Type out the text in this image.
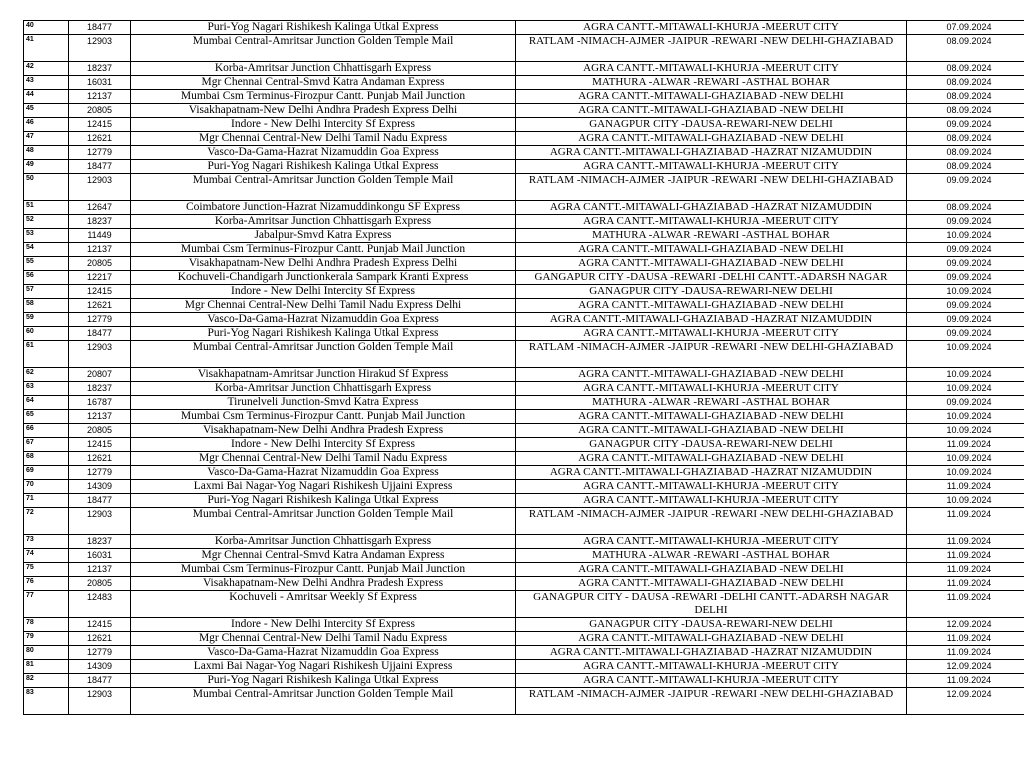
40	18477	Puri-Yog Nagari Rishikesh Kalinga Utkal Express	AGRA CANTT.-MITAWALI-KHURJA -MEERUT CITY	07.09.2024
41	12903	Mumbai Central-Amritsar Junction Golden Temple Mail	RATLAM -NIMACH-AJMER -JAIPUR -REWARI -NEW DELHI-GHAZIABAD	08.09.2024
42	18237	Korba-Amritsar Junction Chhattisgarh Express	AGRA CANTT.-MITAWALI-KHURJA -MEERUT CITY	08.09.2024
43	16031	Mgr Chennai Central-Smvd Katra Andaman Express	MATHURA -ALWAR -REWARI -ASTHAL BOHAR	08.09.2024
44	12137	Mumbai Csm Terminus-Firozpur Cantt. Punjab Mail Junction	AGRA CANTT.-MITAWALI-GHAZIABAD -NEW DELHI	08.09.2024
45	20805	Visakhapatnam-New Delhi Andhra Pradesh Express Delhi	AGRA CANTT.-MITAWALI-GHAZIABAD -NEW DELHI	08.09.2024
46	12415	Indore - New Delhi Intercity Sf Express	GANAGPUR CITY -DAUSA-REWARI-NEW DELHI	09.09.2024
47	12621	Mgr Chennai Central-New Delhi Tamil Nadu Express	AGRA CANTT.-MITAWALI-GHAZIABAD -NEW DELHI	08.09.2024
48	12779	Vasco-Da-Gama-Hazrat Nizamuddin Goa Express	AGRA CANTT.-MITAWALI-GHAZIABAD -HAZRAT NIZAMUDDIN	08.09.2024
49	18477	Puri-Yog Nagari Rishikesh Kalinga Utkal Express	AGRA CANTT.-MITAWALI-KHURJA -MEERUT CITY	08.09.2024
50	12903	Mumbai Central-Amritsar Junction Golden Temple Mail	RATLAM -NIMACH-AJMER -JAIPUR -REWARI -NEW DELHI-GHAZIABAD	09.09.2024
51	12647	Coimbatore Junction-Hazrat Nizamuddinkongu SF Express	AGRA CANTT.-MITAWALI-GHAZIABAD -HAZRAT NIZAMUDDIN	08.09.2024
52	18237	Korba-Amritsar Junction Chhattisgarh Express	AGRA CANTT.-MITAWALI-KHURJA -MEERUT CITY	09.09.2024
53	11449	Jabalpur-Smvd Katra Express	MATHURA -ALWAR -REWARI -ASTHAL BOHAR	10.09.2024
54	12137	Mumbai Csm Terminus-Firozpur Cantt. Punjab Mail Junction	AGRA CANTT.-MITAWALI-GHAZIABAD -NEW DELHI	09.09.2024
55	20805	Visakhapatnam-New Delhi Andhra Pradesh Express Delhi	AGRA CANTT.-MITAWALI-GHAZIABAD -NEW DELHI	09.09.2024
56	12217	Kochuveli-Chandigarh Junctionkerala Sampark Kranti Express	GANGAPUR CITY -DAUSA -REWARI -DELHI CANTT.-ADARSH NAGAR	09.09.2024
57	12415	Indore - New Delhi Intercity Sf Express	GANAGPUR CITY -DAUSA-REWARI-NEW DELHI	10.09.2024
58	12621	Mgr Chennai Central-New Delhi Tamil Nadu Express Delhi	AGRA CANTT.-MITAWALI-GHAZIABAD -NEW DELHI	09.09.2024
59	12779	Vasco-Da-Gama-Hazrat Nizamuddin Goa Express	AGRA CANTT.-MITAWALI-GHAZIABAD -HAZRAT NIZAMUDDIN	09.09.2024
60	18477	Puri-Yog Nagari Rishikesh Kalinga Utkal Express	AGRA CANTT.-MITAWALI-KHURJA -MEERUT CITY	09.09.2024
61	12903	Mumbai Central-Amritsar Junction Golden Temple Mail	RATLAM -NIMACH-AJMER -JAIPUR -REWARI -NEW DELHI-GHAZIABAD	10.09.2024
62	20807	Visakhapatnam-Amritsar Junction Hirakud Sf Express	AGRA CANTT.-MITAWALI-GHAZIABAD -NEW DELHI	10.09.2024
63	18237	Korba-Amritsar Junction Chhattisgarh Express	AGRA CANTT.-MITAWALI-KHURJA -MEERUT CITY	10.09.2024
64	16787	Tirunelveli Junction-Smvd Katra Express	MATHURA -ALWAR -REWARI -ASTHAL BOHAR	09.09.2024
65	12137	Mumbai Csm Terminus-Firozpur Cantt. Punjab Mail Junction	AGRA CANTT.-MITAWALI-GHAZIABAD -NEW DELHI	10.09.2024
66	20805	Visakhapatnam-New Delhi Andhra Pradesh Express	AGRA CANTT.-MITAWALI-GHAZIABAD -NEW DELHI	10.09.2024
67	12415	Indore - New Delhi Intercity Sf Express	GANAGPUR CITY -DAUSA-REWARI-NEW DELHI	11.09.2024
68	12621	Mgr Chennai Central-New Delhi Tamil Nadu Express	AGRA CANTT.-MITAWALI-GHAZIABAD -NEW DELHI	10.09.2024
69	12779	Vasco-Da-Gama-Hazrat Nizamuddin Goa Express	AGRA CANTT.-MITAWALI-GHAZIABAD -HAZRAT NIZAMUDDIN	10.09.2024
70	14309	Laxmi Bai Nagar-Yog Nagari Rishikesh Ujjaini Express	AGRA CANTT.-MITAWALI-KHURJA -MEERUT CITY	11.09.2024
71	18477	Puri-Yog Nagari Rishikesh Kalinga Utkal Express	AGRA CANTT.-MITAWALI-KHURJA -MEERUT CITY	10.09.2024
72	12903	Mumbai Central-Amritsar Junction Golden Temple Mail	RATLAM -NIMACH-AJMER -JAIPUR -REWARI -NEW DELHI-GHAZIABAD	11.09.2024
73	18237	Korba-Amritsar Junction Chhattisgarh Express	AGRA CANTT.-MITAWALI-KHURJA -MEERUT CITY	11.09.2024
74	16031	Mgr Chennai Central-Smvd Katra Andaman Express	MATHURA -ALWAR -REWARI -ASTHAL BOHAR	11.09.2024
75	12137	Mumbai Csm Terminus-Firozpur Cantt. Punjab Mail Junction	AGRA CANTT.-MITAWALI-GHAZIABAD -NEW DELHI	11.09.2024
76	20805	Visakhapatnam-New Delhi Andhra Pradesh Express	AGRA CANTT.-MITAWALI-GHAZIABAD -NEW DELHI	11.09.2024
77	12483	Kochuveli - Amritsar Weekly Sf Express	GANAGPUR CITY - DAUSA -REWARI -DELHI CANTT.-ADARSH NAGAR DELHI	11.09.2024
78	12415	Indore - New Delhi Intercity Sf Express	GANAGPUR CITY -DAUSA-REWARI-NEW DELHI	12.09.2024
79	12621	Mgr Chennai Central-New Delhi Tamil Nadu Express	AGRA CANTT.-MITAWALI-GHAZIABAD -NEW DELHI	11.09.2024
80	12779	Vasco-Da-Gama-Hazrat Nizamuddin Goa Express	AGRA CANTT.-MITAWALI-GHAZIABAD -HAZRAT NIZAMUDDIN	11.09.2024
81	14309	Laxmi Bai Nagar-Yog Nagari Rishikesh Ujjaini Express	AGRA CANTT.-MITAWALI-KHURJA -MEERUT CITY	12.09.2024
82	18477	Puri-Yog Nagari Rishikesh Kalinga Utkal Express	AGRA CANTT.-MITAWALI-KHURJA -MEERUT CITY	11.09.2024
83	12903	Mumbai Central-Amritsar Junction Golden Temple Mail	RATLAM -NIMACH-AJMER -JAIPUR -REWARI -NEW DELHI-GHAZIABAD	12.09.2024
